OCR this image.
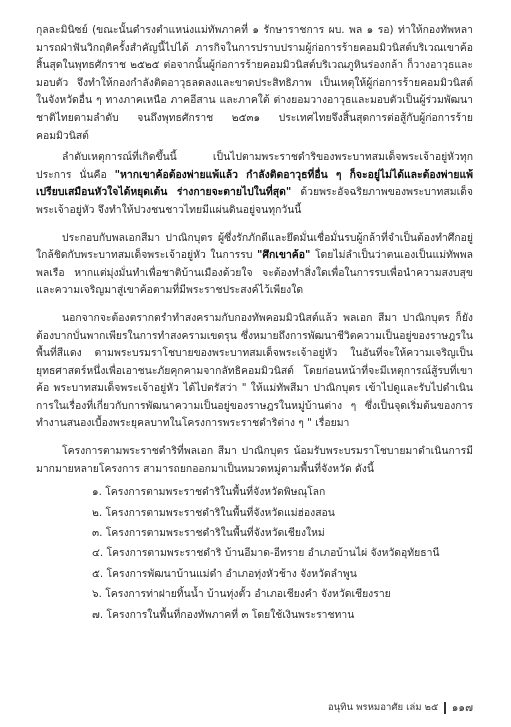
กุลละมินิซย์ (ขณะนั้นดำรงตำแหน่งแม่ทัพภาคที่ ๑ รักษาราชการ ผบ. พล ๑ รอ) ท่าให้กองทัพหลามารถฝ่าฟันวิกฤติครั้งสำคัญนี้ไปได้ ภารกิจในการปราบปรามผู้ก่อการร้ายคอมมิวนิสต์บริเวณเขาค้อสิ้นสุดในพุทธศักราช ๒๕๒๕ ต่อจากนั้นผู้ก่อการร้ายคอมมิวนิสต์บริเวณภูหินร่องกล้า ก็วางอาวุธและมอบตัว จึงทำให้กองกำลังติดอาวุธลดลงและขาดประสิทธิภาพ เป็นเหตุให้ผู้ก่อการร้ายคอมมิวนิสต์ในจังหวัดอื่น ๆ ทางภาคเหนือ ภาคอีสาน และภาคใต้ ต่างยอมวางอาวุธและมอบตัวเป็นผู้ร่วมพัฒนาชาติไทยตามลำดับ จนถึงพุทธศักราช ๒๕๓๑ ประเทศไทยจึงสิ้นสุดการต่อสู้กับผู้ก่อการร้ายคอมมิวนิสต์

ลำดับเหตุการณ์ที่เกิดขึ้นนี้ เป็นไปตามพระราชดำริของพระบาทสมเด็จพระเจ้าอยู่หัวทุกประการ นั่นคือ "หากเขาค้อต้องพ่ายแพ้แล้ว กำลังติดอาวุธที่อื่น ๆ ก็จะอยู่ไม่ได้และต้องพ่ายแพ้ เปรียบเสมือนหัวใจได้หยุดเต้น ร่างกายจะตายไปในที่สุด" ด้วยพระอัจฉริยภาพของพระบาทสมเด็จพระเจ้าอยู่หัว จึงทำให้ปวงชนชาวไทยมีแผ่นดินอยู่จนทุกวันนี้

ประกอบกับพลเอกสีมา ปาณิกบุตร ผู้ซึ่งรักภักดีและยึดมั่นเชื่อมั่นรบผู้กล้าที่จำเป็นต้องทำศึกอยู่ใกล้ชิดกับพระบาทสมเด็จพระเจ้าอยู่หัว ในการรบ "ศึกเขาค้อ" โดยไม่ลำเป็นว่าตนเองเป็นแม่ทัพพลพลเรือ หากแต่มุ่งมั่นทำเพื่อชาติบ้านเมืองด้วยใจ จะต้องทำสิ่งใดเพื่อในการรบเพื่อนำความสงบสุขและความเจริญมาสู่เขาค้อตามที่มีพระราชประสงค์ไว้เพียงใด

นอกจากจะต้องตรากตรำทำสงครามกับกองทัพคอมมิวนิสต์แล้ว พลเอก สีมา ปาณิกบุตร ก็ยังต้องบากบั่นพากเพียรในการทำสงครามเขตรุน ซึ่งหมายถึงการพัฒนาชีวิตความเป็นอยู่ของราษฎรในพื้นที่สีแดง ตามพระบรมราโชบายของพระบาทสมเด็จพระเจ้าอยู่หัว ในอันที่จะให้ความเจริญเป็นยุทธศาสตร์หนึ่งเพื่อเอาชนะภัยคุกคามจากลัทธิคอมมิวนิสต์ โดยก่อนหน้าที่จะมีเหตุการณ์สู้รบที่เขาค้อ พระบาทสมเด็จพระเจ้าอยู่หัว ได้ไปตรัสว่า " ให้แม่ทัพสีมา ปาณิกบุตร เข้าไปดูและรับไปดำเนินการในเรื่องที่เกี่ยวกับการพัฒนาความเป็นอยู่ของราษฎรในหมู่บ้านต่าง ๆ ซึ่งเป็นจุดเริ่มต้นของการทำงานสนองเบื้องพระยุคลบาทในโครงการพระราชดำริต่าง ๆ " เรื่อยมา

โครงการตามพระราชดำริที่พลเอก สีมา ปาณิกบุตร น้อมรับพระบรมราโชบายมาดำเนินการมีมากมายหลายโครงการ สามารถยกออกมาเป็นหมวดหมู่ตามพื้นที่จังหวัด ดังนี้

๑. โครงการตามพระราชดำริในพื้นที่จังหวัดพิษณุโลก
๒. โครงการตามพระราชดำริในพื้นที่จังหวัดแม่ฮ่องสอน
๓. โครงการตามพระราชดำริในพื้นที่จังหวัดเชียงใหม่
๔. โครงการตามพระราชดำริ บ้านอีมาด-อีทราย อำเภอบ้านไผ่ จังหวัดอุทัยธานี
๕. โครงการพัฒนาบ้านแม่ดำ อำเภอทุ่งหัวช้าง จังหวัดลำพูน
๖. โครงการท่าฝายทิ้นน้ำ บ้านทุ่งตั้ว อำเภอเชียงคำ จังหวัดเชียงราย
๗. โครงการในพื้นที่กองทัพภาคที่ ๓ โดยใช้เงินพระราชทาน
อนุทิน พรหมอาศัย เล่ม ๒๕ ๑๑๗
